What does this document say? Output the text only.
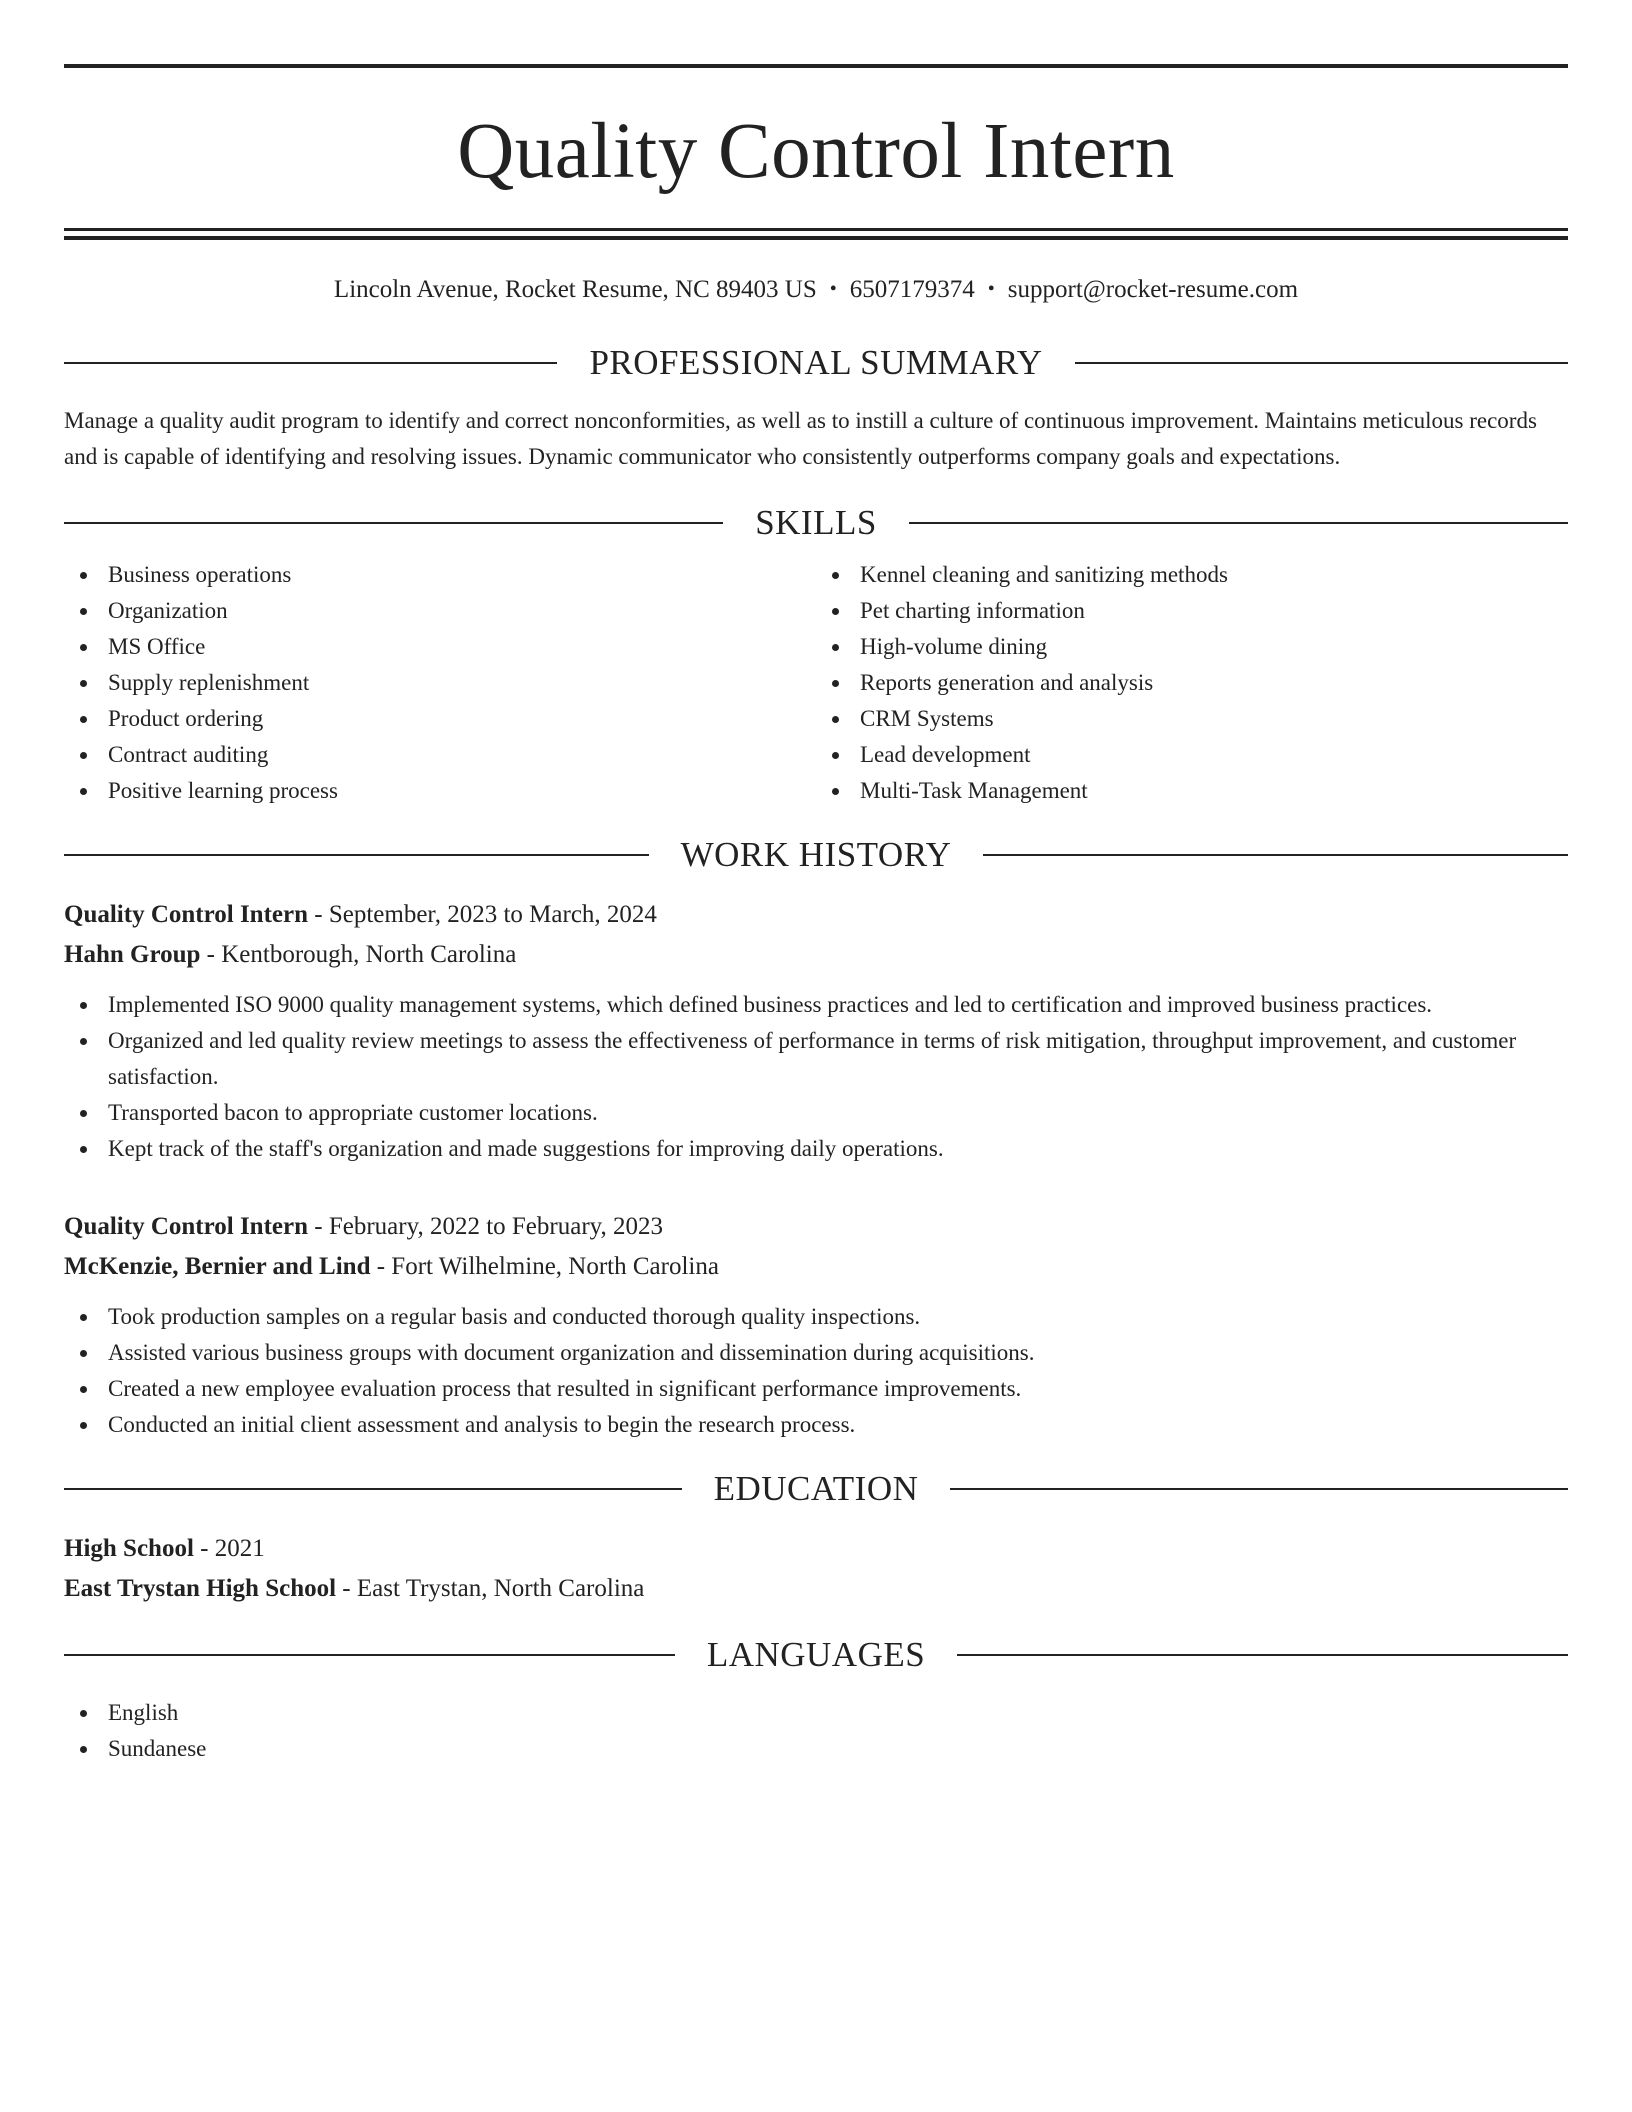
Quality Control Intern
Lincoln Avenue, Rocket Resume, NC 89403 US • 6507179374 • support@rocket-resume.com
PROFESSIONAL SUMMARY

Manage a quality audit program to identify and correct nonconformities, as well as to instill a culture of continuous improvement. Maintains meticulous records and is capable of identifying and resolving issues. Dynamic communicator who consistently outperforms company goals and expectations.

SKILLS
Business operations
Organization
MS Office
Supply replenishment
Product ordering
Contract auditing
Positive learning process
Kennel cleaning and sanitizing methods
Pet charting information
High-volume dining
Reports generation and analysis
CRM Systems
Lead development
Multi-Task Management
WORK HISTORY
Quality Control Intern - September, 2023 to March, 2024
Hahn Group - Kentborough, North Carolina
Implemented ISO 9000 quality management systems, which defined business practices and led to certification and improved business practices.
Organized and led quality review meetings to assess the effectiveness of performance in terms of risk mitigation, throughput improvement, and customer satisfaction.
Transported bacon to appropriate customer locations.
Kept track of the staff's organization and made suggestions for improving daily operations.
Quality Control Intern - February, 2022 to February, 2023
McKenzie, Bernier and Lind - Fort Wilhelmine, North Carolina
Took production samples on a regular basis and conducted thorough quality inspections.
Assisted various business groups with document organization and dissemination during acquisitions.
Created a new employee evaluation process that resulted in significant performance improvements.
Conducted an initial client assessment and analysis to begin the research process.
EDUCATION
High School - 2021
East Trystan High School - East Trystan, North Carolina
LANGUAGES
English
Sundanese
